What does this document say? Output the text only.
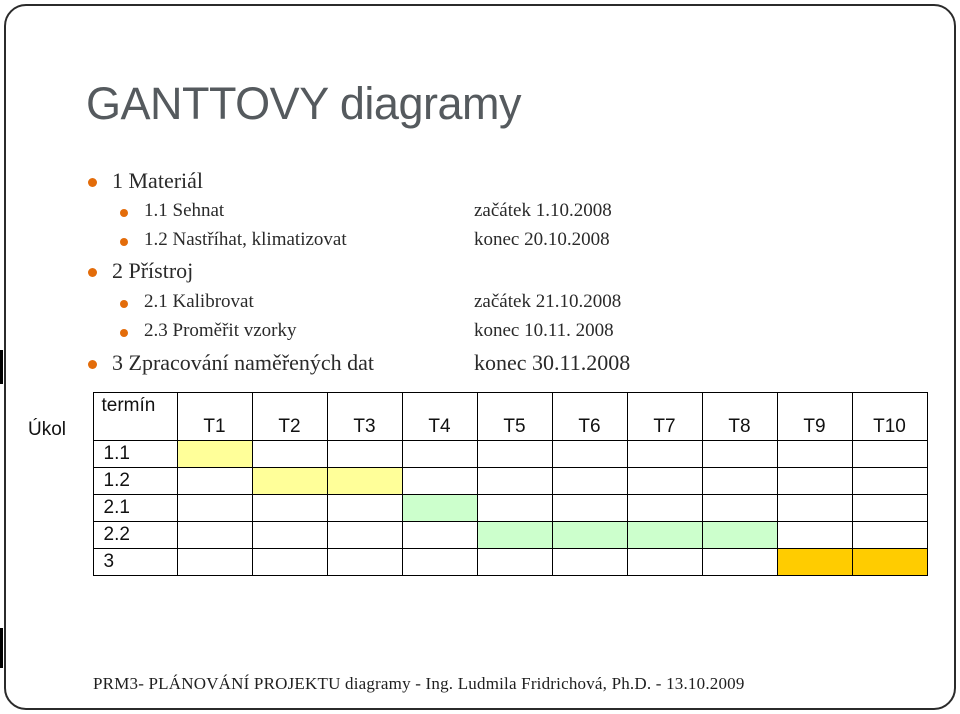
GANTTOVY diagramy
1 Materiál
1.1 Sehnat	začátek 1.10.2008
1.2 Nastříhat, klimatizovat	konec 20.10.2008
2 Přístroj
2.1 Kalibrovat	začátek 21.10.2008
2.3 Proměřit vzorky	konec 10.11. 2008
3 Zpracování naměřených dat	konec 30.11.2008
Úkol	termín	T1	T2	T3	T4	T5	T6	T7	T8	T9	T10
	1.1										
	1.2										
	2.1										
	2.2										
	3										
PRM3- PLÁNOVÁNÍ PROJEKTU diagramy - Ing. Ludmila Fridrichová, Ph.D. - 13.10.2009
